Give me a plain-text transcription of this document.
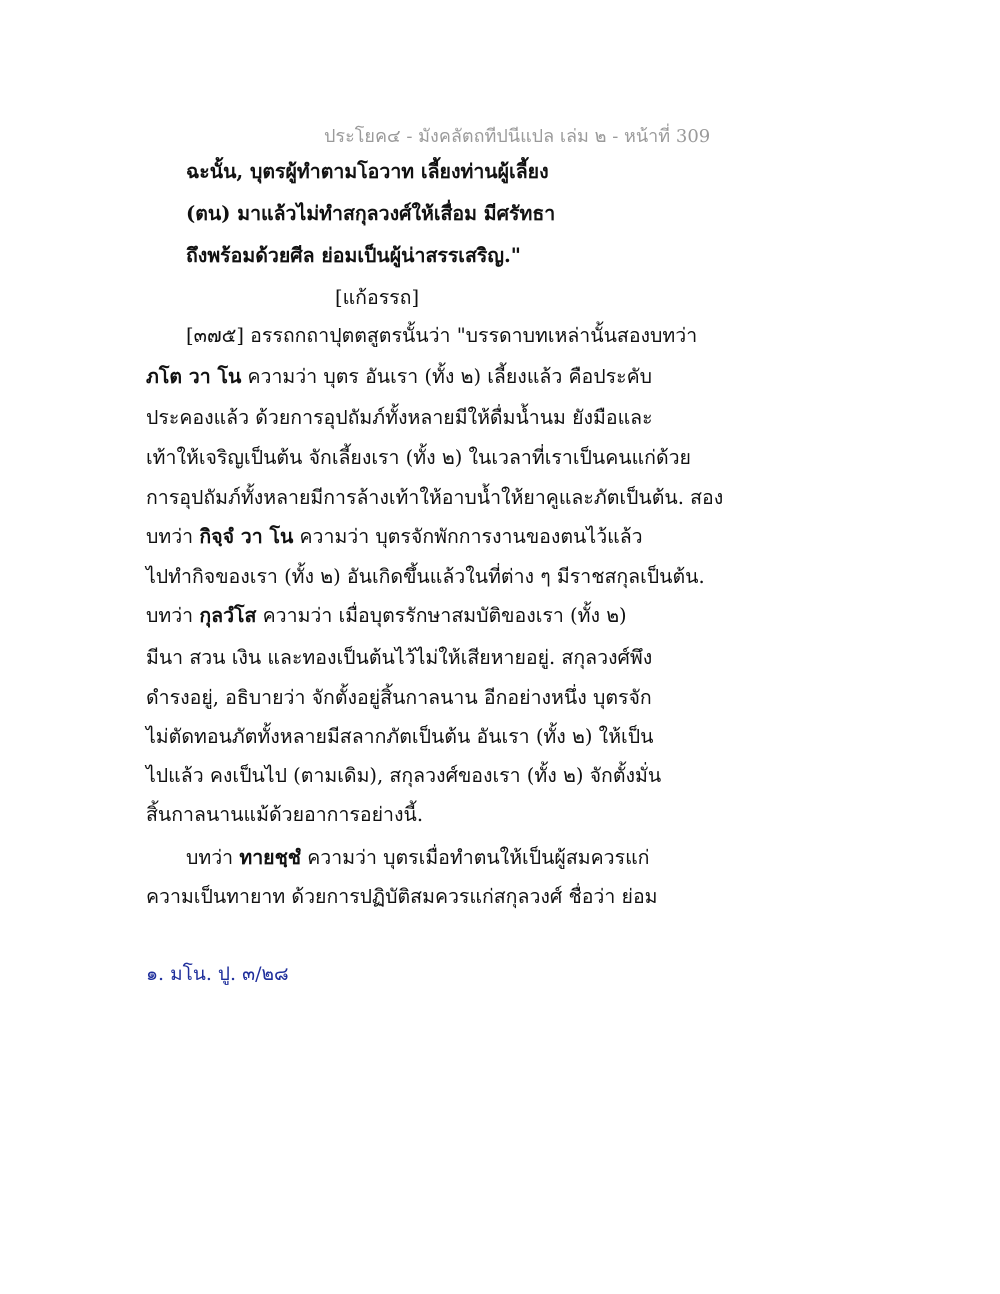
ประโยค๔ - มังคลัตถทีปนีแปล เล่ม ๒ - หน้าที่ 309
ฉะนั้น, บุตรผู้ทำตามโอวาท เลี้ยงท่านผู้เลี้ยง
(ตน) มาแล้วไม่ทำสกุลวงศ์ให้เสื่อม มีศรัทธา
ถึงพร้อมด้วยศีล ย่อมเป็นผู้น่าสรรเสริญ."
[แก้อรรถ]
[๓๗๕] อรรถกถาปุตตสูตรนั้นว่า "บรรดาบทเหล่านั้นสองบทว่า
ภโต วา โน ความว่า บุตร อันเรา (ทั้ง ๒) เลี้ยงแล้ว คือประคับ
ประคองแล้ว ด้วยการอุปถัมภ์ทั้งหลายมีให้ดื่มน้ำนม ยังมือและ
เท้าให้เจริญเป็นต้น จักเลี้ยงเรา (ทั้ง ๒) ในเวลาที่เราเป็นคนแก่ด้วย
การอุปถัมภ์ทั้งหลายมีการล้างเท้าให้อาบน้ำให้ยาคูและภัตเป็นต้น. สอง
บทว่า กิจฺจํ วา โน ความว่า บุตรจักพักการงานของตนไว้แล้ว
ไปทำกิจของเรา (ทั้ง ๒) อันเกิดขึ้นแล้วในที่ต่าง ๆ มีราชสกุลเป็นต้น.
บทว่า กุลวํโส ความว่า เมื่อบุตรรักษาสมบัติของเรา (ทั้ง ๒)
มีนา สวน เงิน และทองเป็นต้นไว้ไม่ให้เสียหายอยู่. สกุลวงศ์พึง
ดำรงอยู่, อธิบายว่า จักตั้งอยู่สิ้นกาลนาน อีกอย่างหนึ่ง บุตรจัก
ไม่ตัดทอนภัตทั้งหลายมีสลากภัตเป็นต้น อันเรา (ทั้ง ๒) ให้เป็น
ไปแล้ว คงเป็นไป (ตามเดิม), สกุลวงศ์ของเรา (ทั้ง ๒) จักตั้งมั่น
สิ้นกาลนานแม้ด้วยอาการอย่างนี้.
บทว่า ทายชฺชํ ความว่า บุตรเมื่อทำตนให้เป็นผู้สมควรแก่
ความเป็นทายาท ด้วยการปฏิบัติสมควรแก่สกุลวงศ์ ชื่อว่า ย่อม
๑. มโน. ปู. ๓/๒๘
